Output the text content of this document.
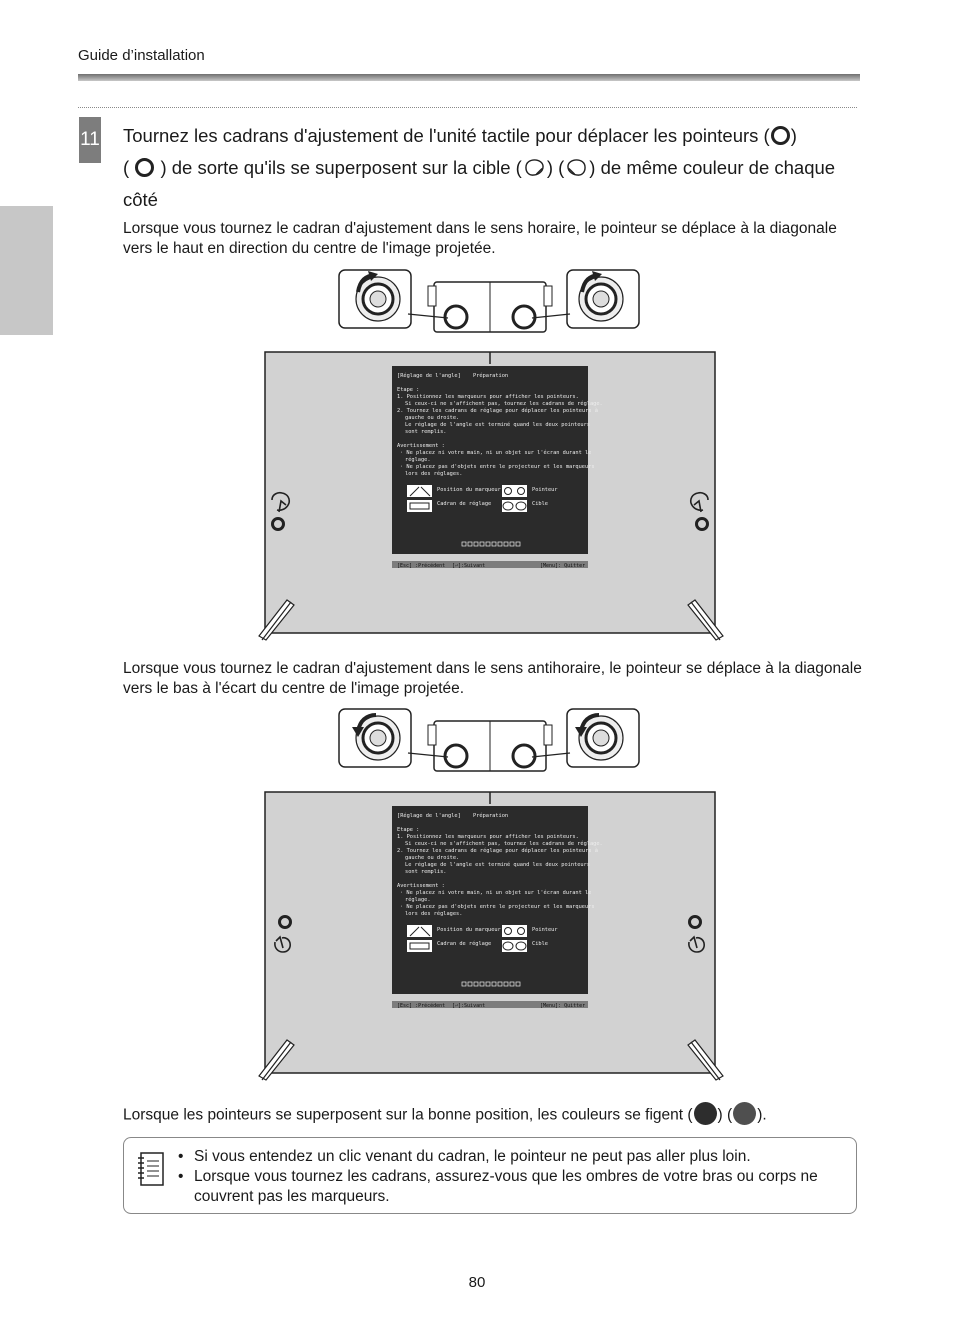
Guide d’installation
11 Tournez les cadrans d'ajustement de l'unité tactile pour déplacer les pointeurs ( )
( ) de sorte qu'ils se superposent sur la cible ( ) ( ) de même couleur de chaque
côté
Lorsque vous tournez le cadran d'ajustement dans le sens horaire, le pointeur se déplace à la diagonale vers le haut en direction du centre de l'image projetée.
[Réglage de l'angle] Préparation
Etape :
1. Positionnez les marqueurs pour afficher les pointeurs.
Si ceux-ci ne s'affichent pas, tournez les cadrans de réglage.
2. Tournez les cadrans de réglage pour déplacer les pointeurs à
gauche ou droite.
Le réglage de l'angle est terminé quand les deux pointeurs
sont remplis.
Avertissement :
· Ne placez ni votre main, ni un objet sur l'écran durant le
réglage.
· Ne placez pas d'objets entre le projecteur et les marqueurs
lors des réglages.
Position du marqueur
Cadran de réglage
Pointeur
Cible
[Esc] :Précédent [⏎]:Suivant	[Menu]: Quitter
Lorsque vous tournez le cadran d'ajustement dans le sens antihoraire, le pointeur se déplace à la diagonale vers le bas à l'écart du centre de l'image projetée.
[Réglage de l'angle] Préparation
Etape :
1. Positionnez les marqueurs pour afficher les pointeurs.
Si ceux-ci ne s'affichent pas, tournez les cadrans de réglage.
2. Tournez les cadrans de réglage pour déplacer les pointeurs à
gauche ou droite.
Le réglage de l'angle est terminé quand les deux pointeurs
sont remplis.
Avertissement :
· Ne placez ni votre main, ni un objet sur l'écran durant le
réglage.
· Ne placez pas d'objets entre le projecteur et les marqueurs
lors des réglages.
Position du marqueur
Cadran de réglage
Pointeur
Cible
[Esc] :Précédent [⏎]:Suivant	[Menu]: Quitter
Lorsque les pointeurs se superposent sur la bonne position, les couleurs se figent ( ) ( ).
• Si vous entendez un clic venant du cadran, le pointeur ne peut pas aller plus loin.
• Lorsque vous tournez les cadrans, assurez-vous que les ombres de votre bras ou corps ne couvrent pas les marqueurs.
80
